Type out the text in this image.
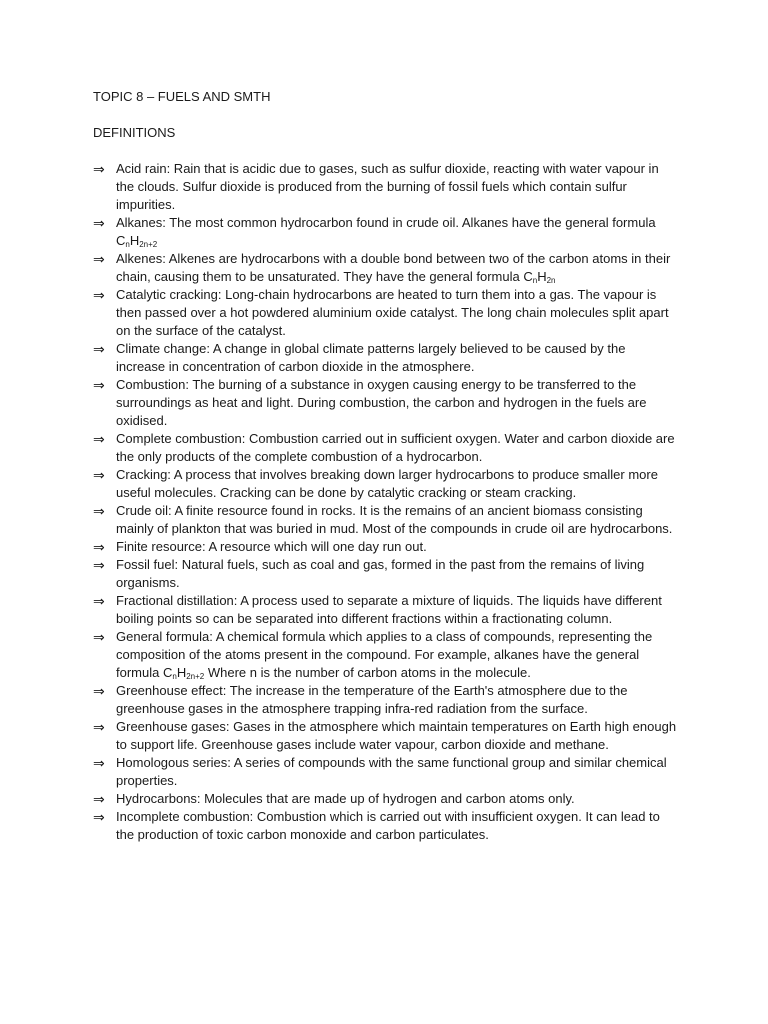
TOPIC 8 – FUELS AND SMTH

DEFINITIONS

⇒ Acid rain: Rain that is acidic due to gases, such as sulfur dioxide, reacting with water vapour in the clouds. Sulfur dioxide is produced from the burning of fossil fuels which contain sulfur impurities.
⇒ Alkanes: The most common hydrocarbon found in crude oil. Alkanes have the general formula $C_nH_{2n+2}$
⇒ Alkenes: Alkenes are hydrocarbons with a double bond between two of the carbon atoms in their chain, causing them to be unsaturated. They have the general formula $C_nH_{2n}$
⇒ Catalytic cracking: Long-chain hydrocarbons are heated to turn them into a gas. The vapour is then passed over a hot powdered aluminium oxide catalyst. The long chain molecules split apart on the surface of the catalyst.
⇒ Climate change: A change in global climate patterns largely believed to be caused by the increase in concentration of carbon dioxide in the atmosphere.
⇒ Combustion: The burning of a substance in oxygen causing energy to be transferred to the surroundings as heat and light. During combustion, the carbon and hydrogen in the fuels are oxidised.
⇒ Complete combustion: Combustion carried out in sufficient oxygen. Water and carbon dioxide are the only products of the complete combustion of a hydrocarbon.
⇒ Cracking: A process that involves breaking down larger hydrocarbons to produce smaller more useful molecules. Cracking can be done by catalytic cracking or steam cracking.
⇒ Crude oil: A finite resource found in rocks. It is the remains of an ancient biomass consisting mainly of plankton that was buried in mud. Most of the compounds in crude oil are hydrocarbons.
⇒ Finite resource: A resource which will one day run out.
⇒ Fossil fuel: Natural fuels, such as coal and gas, formed in the past from the remains of living organisms.
⇒ Fractional distillation: A process used to separate a mixture of liquids. The liquids have different boiling points so can be separated into different fractions within a fractionating column.
⇒ General formula: A chemical formula which applies to a class of compounds, representing the composition of the atoms present in the compound. For example, alkanes have the general formula $C_nH_{2n+2}$ Where n is the number of carbon atoms in the molecule.
⇒ Greenhouse effect: The increase in the temperature of the Earth's atmosphere due to the greenhouse gases in the atmosphere trapping infra-red radiation from the surface.
⇒ Greenhouse gases: Gases in the atmosphere which maintain temperatures on Earth high enough to support life. Greenhouse gases include water vapour, carbon dioxide and methane.
⇒ Homologous series: A series of compounds with the same functional group and similar chemical properties.
⇒ Hydrocarbons: Molecules that are made up of hydrogen and carbon atoms only.
⇒ Incomplete combustion: Combustion which is carried out with insufficient oxygen. It can lead to the production of toxic carbon monoxide and carbon particulates.
